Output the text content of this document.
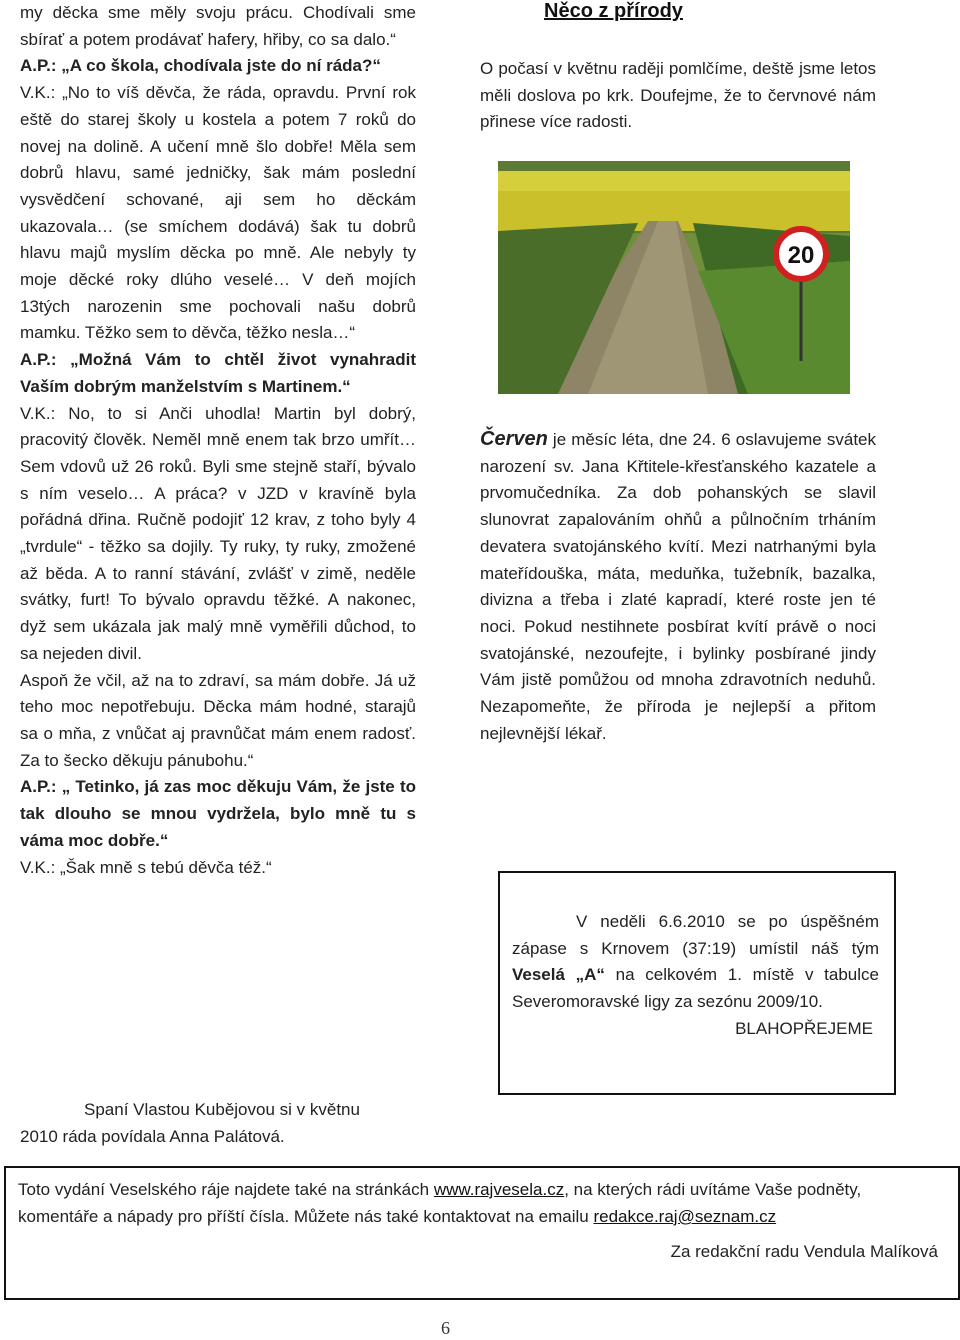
my děcka sme měly svoju prácu. Chodívali sme sbírať a potem prodávať hafery, hřiby, co sa dalo.“

A.P.: „A co škola, chodívala jste do ní ráda?“

V.K.: „No to víš děvča, že ráda, opravdu. První rok eště do starej školy u kostela a potem 7 roků do novej na dolině. A učení mně šlo dobře! Měla sem dobrů hlavu, samé jedničky, šak mám poslední vysvědčení schované, aji sem ho děckám ukazovala… (se smíchem dodává) šak tu dobrů hlavu majů myslím děcka po mně. Ale nebyly ty moje děcké roky dlúho veselé… V deň mojích 13tých narozenin sme pochovali našu dobrů mamku. Těžko sem to děvča, těžko nesla…“

A.P.: „Možná Vám to chtěl život vynahradit Vaším dobrým manželstvím s Martinem.“

V.K.: No, to si Anči uhodla! Martin byl dobrý, pracovitý člověk. Neměl mně enem tak brzo umřít… Sem vdovů už 26 roků. Byli sme stejně staří, bývalo s ním veselo… A práca? v JZD v kravíně byla pořádná dřina. Ručně podojiť 12 krav, z toho byly 4 „tvrdule“ - těžko sa dojily. Ty ruky, ty ruky, zmožené až běda. A to ranní stávání, zvlášť v zimě, neděle svátky, furt! To bývalo opravdu těžké. A nakonec, dyž sem ukázala jak malý mně vyměřili důchod, to sa nejeden divil.

Aspoň že včil, až na to zdraví, sa mám dobře. Já už teho moc nepotřebuju. Děcka mám hodné, starajů sa o mňa, z vnůčat aj pravnůčat mám enem radosť. Za to šecko děkuju pánubohu.“

A.P.: „ Tetinko, já zas moc děkuju Vám, že jste to tak dlouho se mnou vydržela, bylo mně tu s váma moc dobře.“

V.K.: „Šak mně s tebú děvča též.“

Spaní Vlastou Kubějovou si v květnu

2010 ráda povídala Anna Palátová.

Něco z přírody
O počasí v květnu raději pomlčíme, deště jsme letos měli doslova po krk. Doufejme, že to červnové nám přinese více radosti.
20
Červen je měsíc léta, dne 24. 6 oslavujeme svátek narození sv. Jana Křtitele-křesťanského kazatele a prvomučedníka. Za dob pohanských se slavil slunovrat zapalováním ohňů a půlnočním trháním devatera svatojánského kvítí. Mezi natrhanými byla mateřídouška, máta, meduňka, tužebník, bazalka, divizna a třeba i zlaté kapradí, které roste jen té noci. Pokud nestihnete posbírat kvítí právě o noci svatojánské, nezoufejte, i bylinky posbírané jindy Vám jistě pomůžou od mnoha zdravotních neduhů. Nezapomeňte, že příroda je nejlepší a přitom nejlevnější lékař.
V neděli 6.6.2010 se po úspěšném zápase s Krnovem (37:19) umístil náš tým Veselá „A“ na celkovém 1. místě v tabulce Severomoravské ligy za sezónu 2009/10.
BLAHOPŘEJEME
Toto vydání Veselského ráje najdete také na stránkách www.rajvesela.cz, na kterých rádi uvítáme Vaše podněty, komentáře a nápady pro příští čísla. Můžete nás také kontaktovat na emailu redakce.raj@seznam.cz
Za redakční radu Vendula Malíková
6
